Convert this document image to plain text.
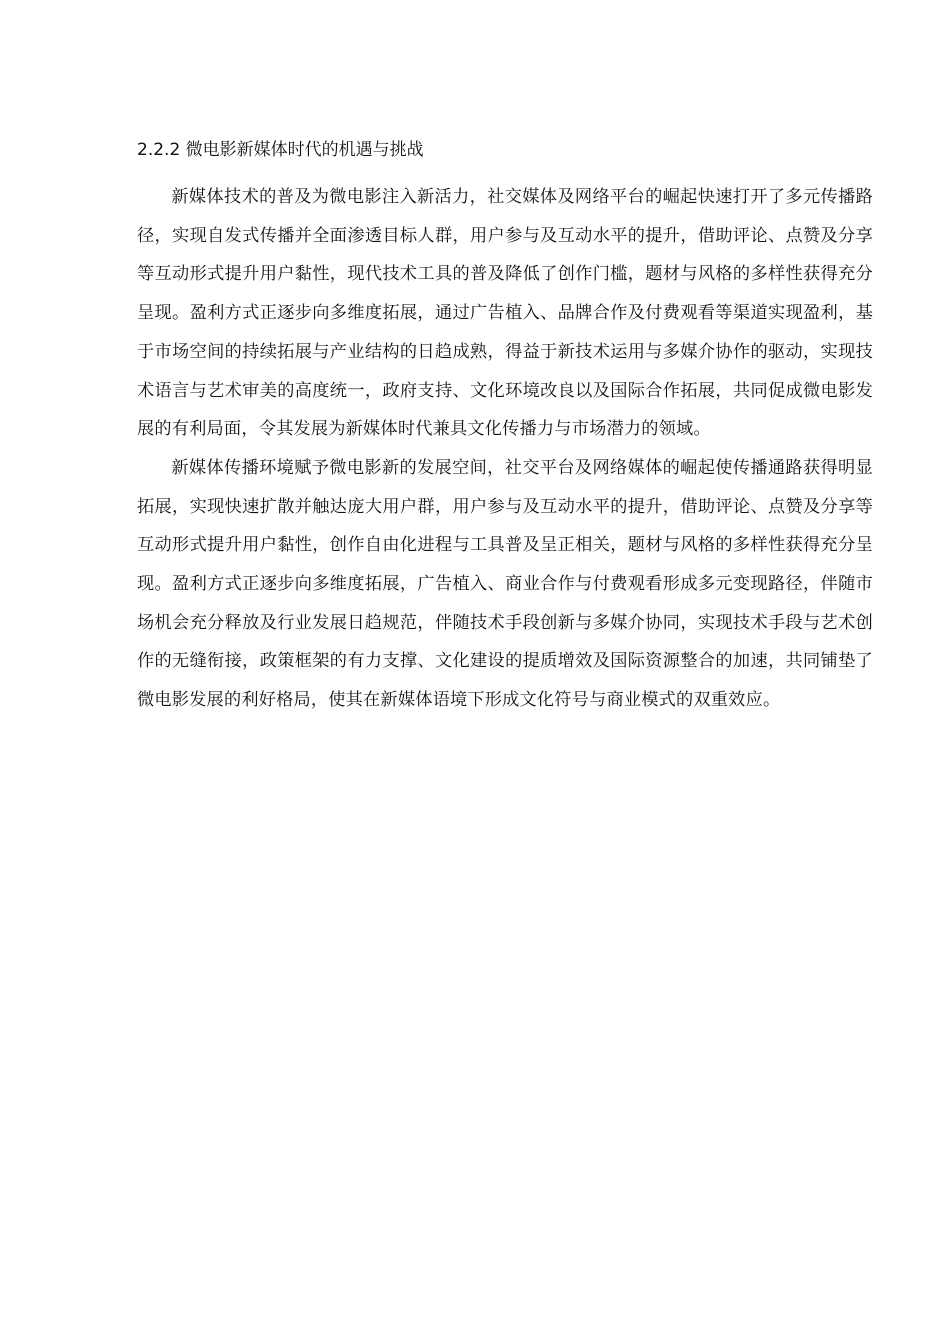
2.2.2 微电影新媒体时代的机遇与挑战

新媒体技术的普及为微电影注入新活力，社交媒体及网络平台的崛起快速打开了多元传播路径，实现自发式传播并全面渗透目标人群，用户参与及互动水平的提升，借助评论、点赞及分享等互动形式提升用户黏性，现代技术工具的普及降低了创作门槛，题材与风格的多样性获得充分呈现。盈利方式正逐步向多维度拓展，通过广告植入、品牌合作及付费观看等渠道实现盈利，基于市场空间的持续拓展与产业结构的日趋成熟，得益于新技术运用与多媒介协作的驱动，实现技术语言与艺术审美的高度统一，政府支持、文化环境改良以及国际合作拓展，共同促成微电影发展的有利局面，令其发展为新媒体时代兼具文化传播力与市场潜力的领域。

新媒体传播环境赋予微电影新的发展空间，社交平台及网络媒体的崛起使传播通路获得明显拓展，实现快速扩散并触达庞大用户群，用户参与及互动水平的提升，借助评论、点赞及分享等互动形式提升用户黏性，创作自由化进程与工具普及呈正相关，题材与风格的多样性获得充分呈现。盈利方式正逐步向多维度拓展，广告植入、商业合作与付费观看形成多元变现路径，伴随市场机会充分释放及行业发展日趋规范，伴随技术手段创新与多媒介协同，实现技术手段与艺术创作的无缝衔接，政策框架的有力支撑、文化建设的提质增效及国际资源整合的加速，共同铺垫了微电影发展的利好格局，使其在新媒体语境下形成文化符号与商业模式的双重效应。
